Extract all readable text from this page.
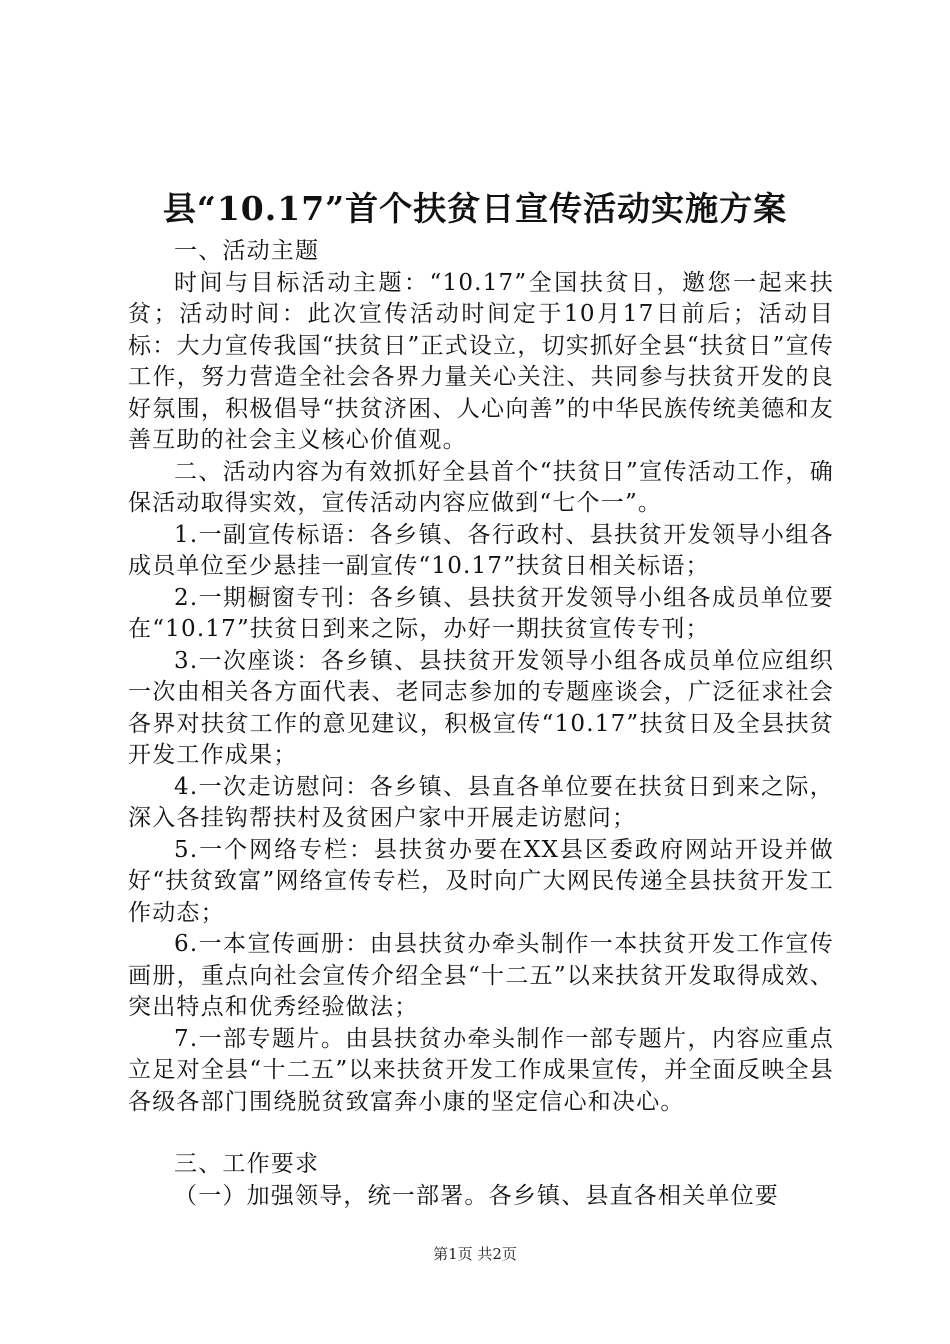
县“10.17”首个扶贫日宣传活动实施方案

一、活动主题

时间与目标活动主题：“10.17”全国扶贫日，邀您一起来扶贫；活动时间：此次宣传活动时间定于10月17日前后；活动目标：大力宣传我国“扶贫日”正式设立，切实抓好全县“扶贫日”宣传工作，努力营造全社会各界力量关心关注、共同参与扶贫开发的良好氛围，积极倡导“扶贫济困、人心向善”的中华民族传统美德和友善互助的社会主义核心价值观。

二、活动内容为有效抓好全县首个“扶贫日”宣传活动工作，确保活动取得实效，宣传活动内容应做到“七个一”。

1.一副宣传标语：各乡镇、各行政村、县扶贫开发领导小组各成员单位至少悬挂一副宣传“10.17”扶贫日相关标语；

2.一期橱窗专刊：各乡镇、县扶贫开发领导小组各成员单位要在“10.17”扶贫日到来之际，办好一期扶贫宣传专刊；

3.一次座谈：各乡镇、县扶贫开发领导小组各成员单位应组织一次由相关各方面代表、老同志参加的专题座谈会，广泛征求社会各界对扶贫工作的意见建议，积极宣传“10.17”扶贫日及全县扶贫开发工作成果；

4.一次走访慰问：各乡镇、县直各单位要在扶贫日到来之际，深入各挂钩帮扶村及贫困户家中开展走访慰问；

5.一个网络专栏：县扶贫办要在XX县区委政府网站开设并做好“扶贫致富”网络宣传专栏，及时向广大网民传递全县扶贫开发工作动态；

6.一本宣传画册：由县扶贫办牵头制作一本扶贫开发工作宣传画册，重点向社会宣传介绍全县“十二五”以来扶贫开发取得成效、突出特点和优秀经验做法；

7.一部专题片。由县扶贫办牵头制作一部专题片，内容应重点立足对全县“十二五”以来扶贫开发工作成果宣传，并全面反映全县各级各部门围绕脱贫致富奔小康的坚定信心和决心。

三、工作要求

（一）加强领导，统一部署。各乡镇、县直各相关单位要

第1页 共2页
